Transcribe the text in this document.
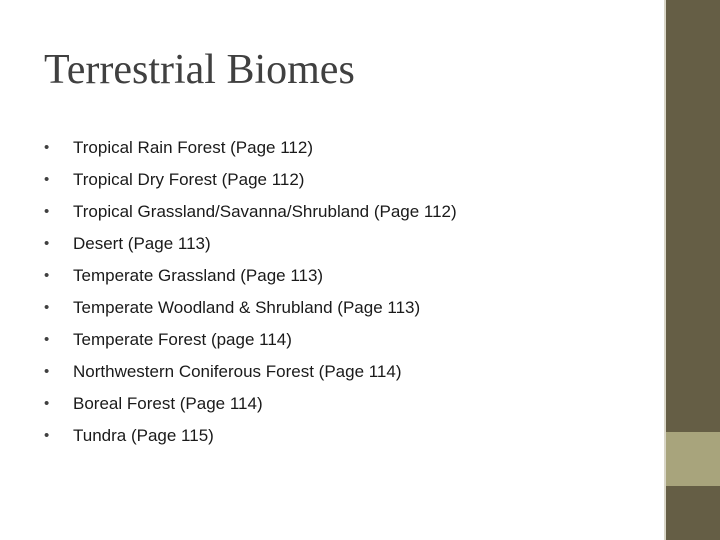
Terrestrial Biomes
•	Tropical Rain Forest (Page 112)
•	Tropical Dry Forest (Page 112)
•	Tropical Grassland/Savanna/Shrubland (Page 112)
•	Desert (Page 113)
•	Temperate Grassland (Page 113)
•	Temperate Woodland & Shrubland (Page 113)
•	Temperate Forest (page 114)
•	Northwestern Coniferous Forest (Page 114)
•	Boreal Forest (Page 114)
•	Tundra (Page 115)
